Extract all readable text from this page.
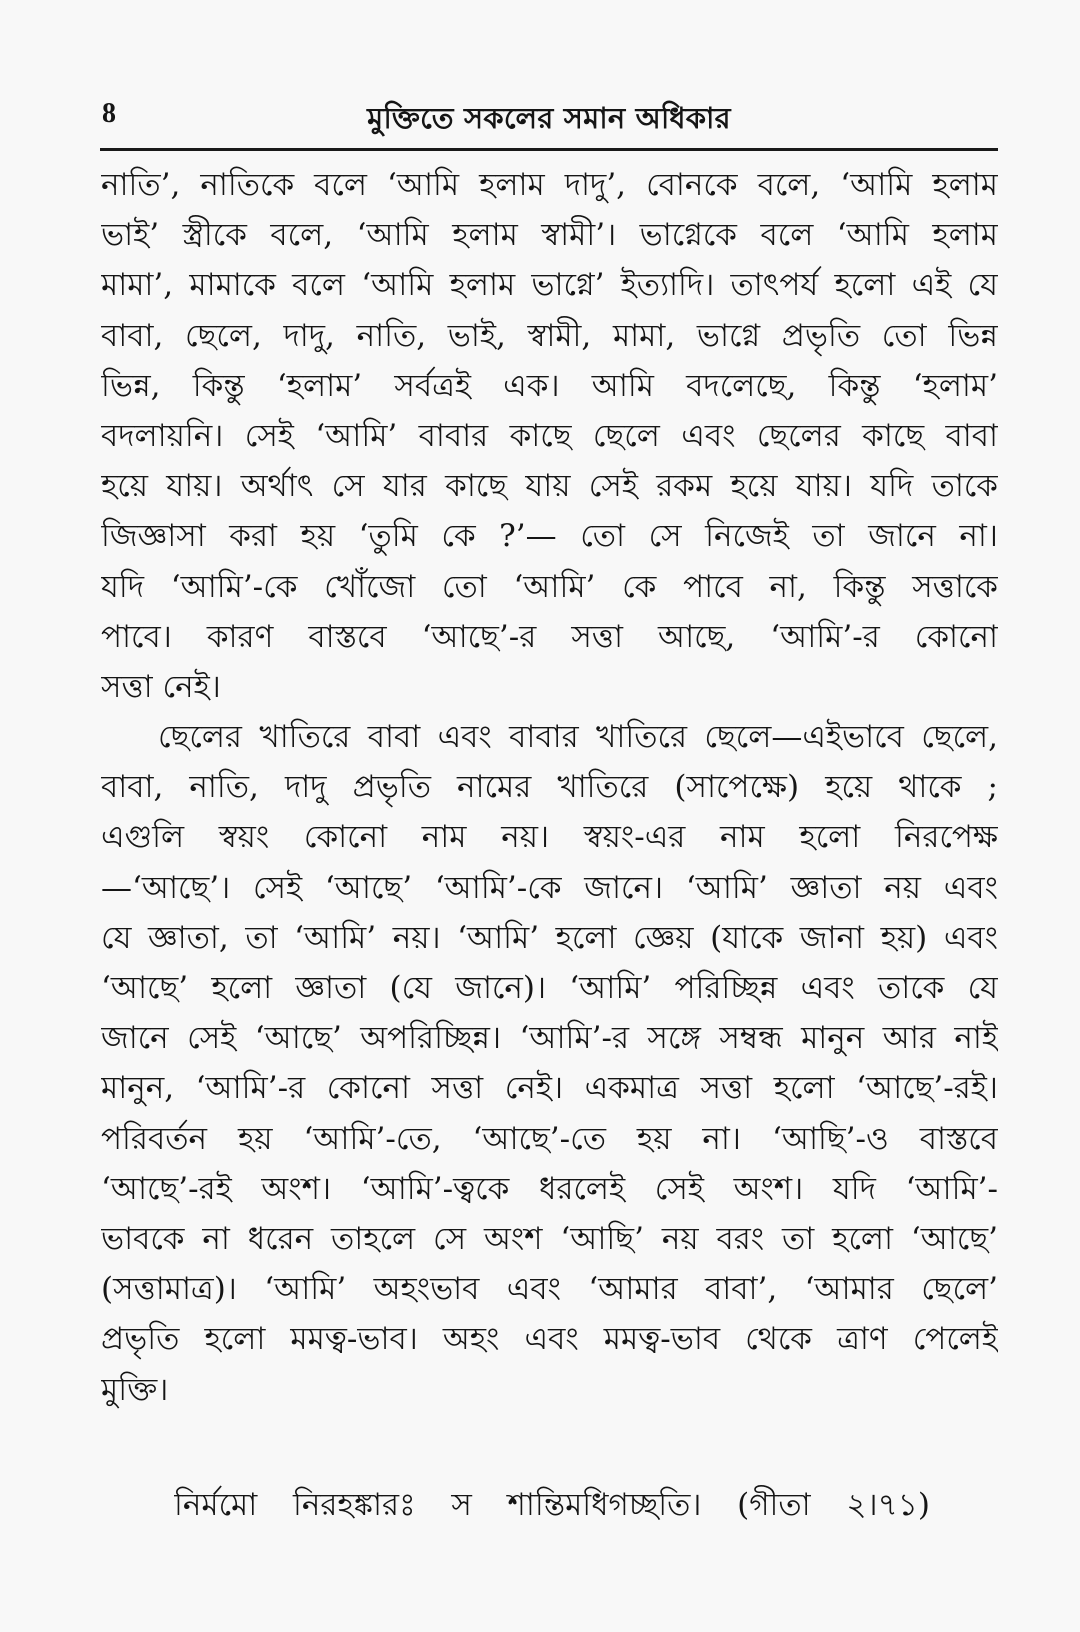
8	মুক্তিতে সকলের সমান অধিকার
নাতি’, নাতিকে বলে ‘আমি হলাম দাদু’, বোনকে বলে, ‘আমি হলাম
ভাই’ স্ত্রীকে বলে, ‘আমি হলাম স্বামী’। ভাগ্নেকে বলে ‘আমি হলাম
মামা’, মামাকে বলে ‘আমি হলাম ভাগ্নে’ ইত্যাদি। তাৎপর্য হলো এই যে
বাবা, ছেলে, দাদু, নাতি, ভাই, স্বামী, মামা, ভাগ্নে প্রভৃতি তো ভিন্ন
ভিন্ন, কিন্তু ‘হলাম’ সর্বত্রই এক। আমি বদলেছে, কিন্তু ‘হলাম’
বদলায়নি। সেই ‘আমি’ বাবার কাছে ছেলে এবং ছেলের কাছে বাবা
হয়ে যায়। অর্থাৎ সে যার কাছে যায় সেই রকম হয়ে যায়। যদি তাকে
জিজ্ঞাসা করা হয় ‘তুমি কে ?’— তো সে নিজেই তা জানে না।
যদি ‘আমি’-কে খোঁজো তো ‘আমি’ কে পাবে না, কিন্তু সত্তাকে
পাবে। কারণ বাস্তবে ‘আছে’-র সত্তা আছে, ‘আমি’-র কোনো
সত্তা নেই।
ছেলের খাতিরে বাবা এবং বাবার খাতিরে ছেলে—এইভাবে ছেলে,
বাবা, নাতি, দাদু প্রভৃতি নামের খাতিরে (সাপেক্ষে) হয়ে থাকে ;
এগুলি স্বয়ং কোনো নাম নয়। স্বয়ং-এর নাম হলো নিরপেক্ষ
—‘আছে’। সেই ‘আছে’ ‘আমি’-কে জানে। ‘আমি’ জ্ঞাতা নয় এবং
যে জ্ঞাতা, তা ‘আমি’ নয়। ‘আমি’ হলো জ্ঞেয় (যাকে জানা হয়) এবং
‘আছে’ হলো জ্ঞাতা (যে জানে)। ‘আমি’ পরিচ্ছিন্ন এবং তাকে যে
জানে সেই ‘আছে’ অপরিচ্ছিন্ন। ‘আমি’-র সঙ্গে সম্বন্ধ মানুন আর নাই
মানুন, ‘আমি’-র কোনো সত্তা নেই। একমাত্র সত্তা হলো ‘আছে’-রই।
পরিবর্তন হয় ‘আমি’-তে, ‘আছে’-তে হয় না। ‘আছি’-ও বাস্তবে
‘আছে’-রই অংশ। ‘আমি’-ত্বকে ধরলেই সেই অংশ। যদি ‘আমি’-
ভাবকে না ধরেন তাহলে সে অংশ ‘আছি’ নয় বরং তা হলো ‘আছে’
(সত্তামাত্র)। ‘আমি’ অহংভাব এবং ‘আমার বাবা’, ‘আমার ছেলে’
প্রভৃতি হলো মমত্ব-ভাব। অহং এবং মমত্ব-ভাব থেকে ত্রাণ পেলেই
মুক্তি।
নির্মমো নিরহঙ্কারঃ স শান্তিমধিগচ্ছতি। (গীতা ২।৭১)
